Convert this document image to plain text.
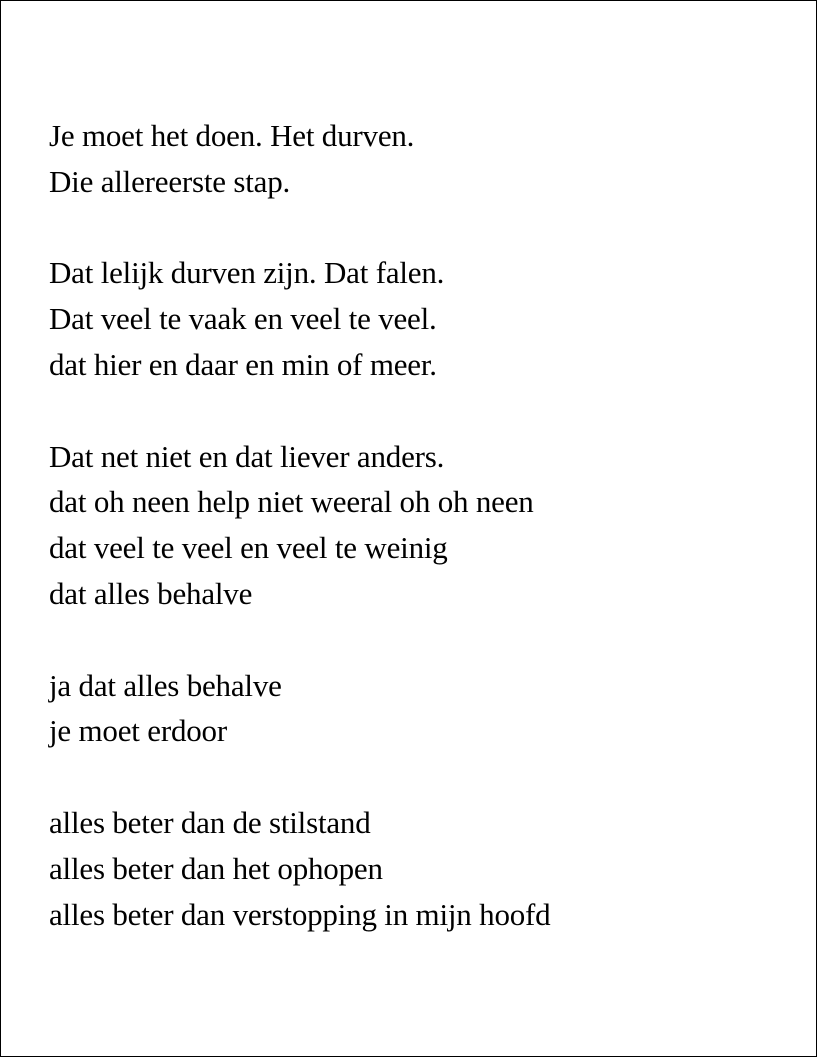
Je moet het doen. Het durven.
Die allereerste stap.
Dat lelijk durven zijn. Dat falen.
Dat veel te vaak en veel te veel.
dat hier en daar en min of meer.
Dat net niet en dat liever anders.
dat oh neen help niet weeral oh oh neen
dat veel te veel en veel te weinig
dat alles behalve
ja dat alles behalve
je moet erdoor
alles beter dan de stilstand
alles beter dan het ophopen
alles beter dan verstopping in mijn hoofd
